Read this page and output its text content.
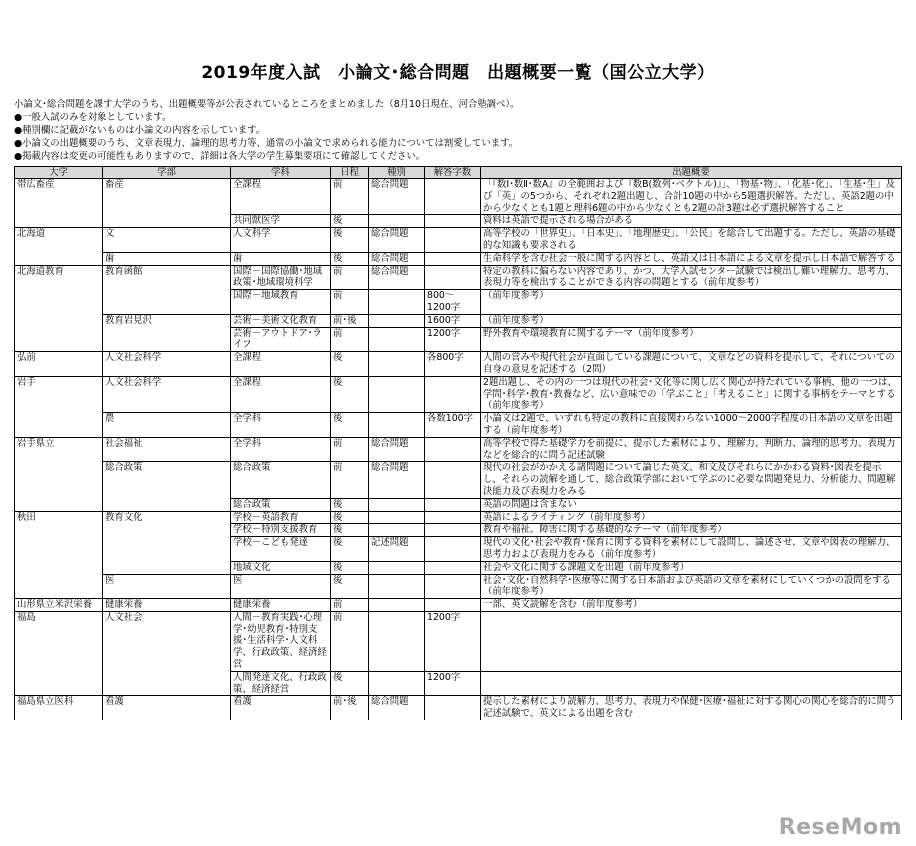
2019年度入試　小論文･総合問題　出題概要一覧（国公立大学）
小論文･総合問題を課す大学のうち、出題概要等が公表されているところをまとめました（8月10日現在、河合塾調べ）。
●一般入試のみを対象としています。
●種別欄に記載がないものは小論文の内容を示しています。
●小論文の出題概要のうち、文章表現力、論理的思考力等、通常の小論文で求められる能力については割愛しています。
●掲載内容は変更の可能性もありますので、詳細は各大学の学生募集要項にて確認してください。
大学	学部	学科	日程	種別	解答字数	出題概要
帯広畜産	畜産	全課程	前	総合問題		「『数Ⅰ･数Ⅱ･数A』の全範囲および『数B(数列･ベクトル)』」、「物基･物」、「化基･化」、「生基･生」及び「英」の5つから、それぞれ2題出題し、合計10題の中から5題選択解答。ただし、英語2題の中から少なくとも1題と理科6題の中から少なくとも2題の計3題は必ず選択解答すること
		共同獣医学	後			資料は英語で提示される場合がある
北海道	文	人文科学	後	総合問題		高等学校の「世界史」、「日本史」、「地理歴史」、「公民」を総合して出題する。ただし、英語の基礎的な知識も要求される
	歯	歯	後	総合問題		生命科学を含む社会一般に関する内容とし、英語又は日本語による文章を提示し日本語で解答する
北海道教育	教育函館	国際－国際協働･地域政策･地域環境科学	前	総合問題		特定の教科に偏らない内容であり、かつ、大学入試センター試験では検出し難い理解力、思考力、表現力等を検出することができる内容の問題とする（前年度参考）
		国際－地域教育	前		800～1200字	（前年度参考）
	教育岩見沢	芸術－美術文化教育	前･後		1600字	（前年度参考）
		芸術－アウトドア･ライフ	前		1200字	野外教育や環境教育に関するテーマ（前年度参考）
弘前	人文社会科学	全課程	後		各800字	人間の営みや現代社会が直面している課題について、文章などの資料を提示して、それについての自身の意見を記述する（2問）
岩手	人文社会科学	全課程	後			2題出題し、その内の一つは現代の社会･文化等に関し広く関心が持たれている事柄、他の一つは、学問･科学･教育･教養など、広い意味での「学ぶこと」「考えること」に関する事柄をテーマとする（前年度参考）
	農	全学科	後		各数100字	小論文は2題で、いずれも特定の教科に直接関わらない1000～2000字程度の日本語の文章を出題する（前年度参考）
岩手県立	社会福祉	全学科	前	総合問題		高等学校で得た基礎学力を前提に、提示した素材により、理解力、判断力、論理的思考力、表現力などを総合的に問う記述試験
	総合政策	総合政策	前	総合問題		現代の社会がかかえる諸問題について論じた英文、和文及びそれらにかかわる資料･図表を提示し、それらの読解を通して、総合政策学部において学ぶのに必要な問題発見力、分析能力、問題解決能力及び表現力をみる
		総合政策	後			英語の問題は含まない
秋田	教育文化	学校－英語教育	後			英語によるライティング（前年度参考）
		学校－特別支援教育	後			教育や福祉、障害に関する基礎的なテーマ（前年度参考）
		学校－こども発達	後	記述問題		現代の文化･社会や教育･保育に関する資料を素材にして設問し、論述させ、文章や図表の理解力、思考力および表現力をみる（前年度参考）
		地域文化	後			社会や文化に関する課題文を出題（前年度参考）
	医	医	後			社会･文化･自然科学･医療等に関する日本語および英語の文章を素材にしていくつかの設問をする（前年度参考）
山形県立米沢栄養	健康栄養	健康栄養	前			一部、英文読解を含む（前年度参考）
福島	人文社会	人間－教育実践･心理学･幼児教育･特別支援･生活科学･人文科学、行政政策、経済経営	前		1200字	
		人間発達文化、行政政策、経済経営	後		1200字	
福島県立医科	看護	看護	前･後	総合問題		提示した素材により読解力、思考力、表現力や保健･医療･福祉に対する関心の関心を総合的に問う記述試験で、英文による出題を含む
ReseMom
